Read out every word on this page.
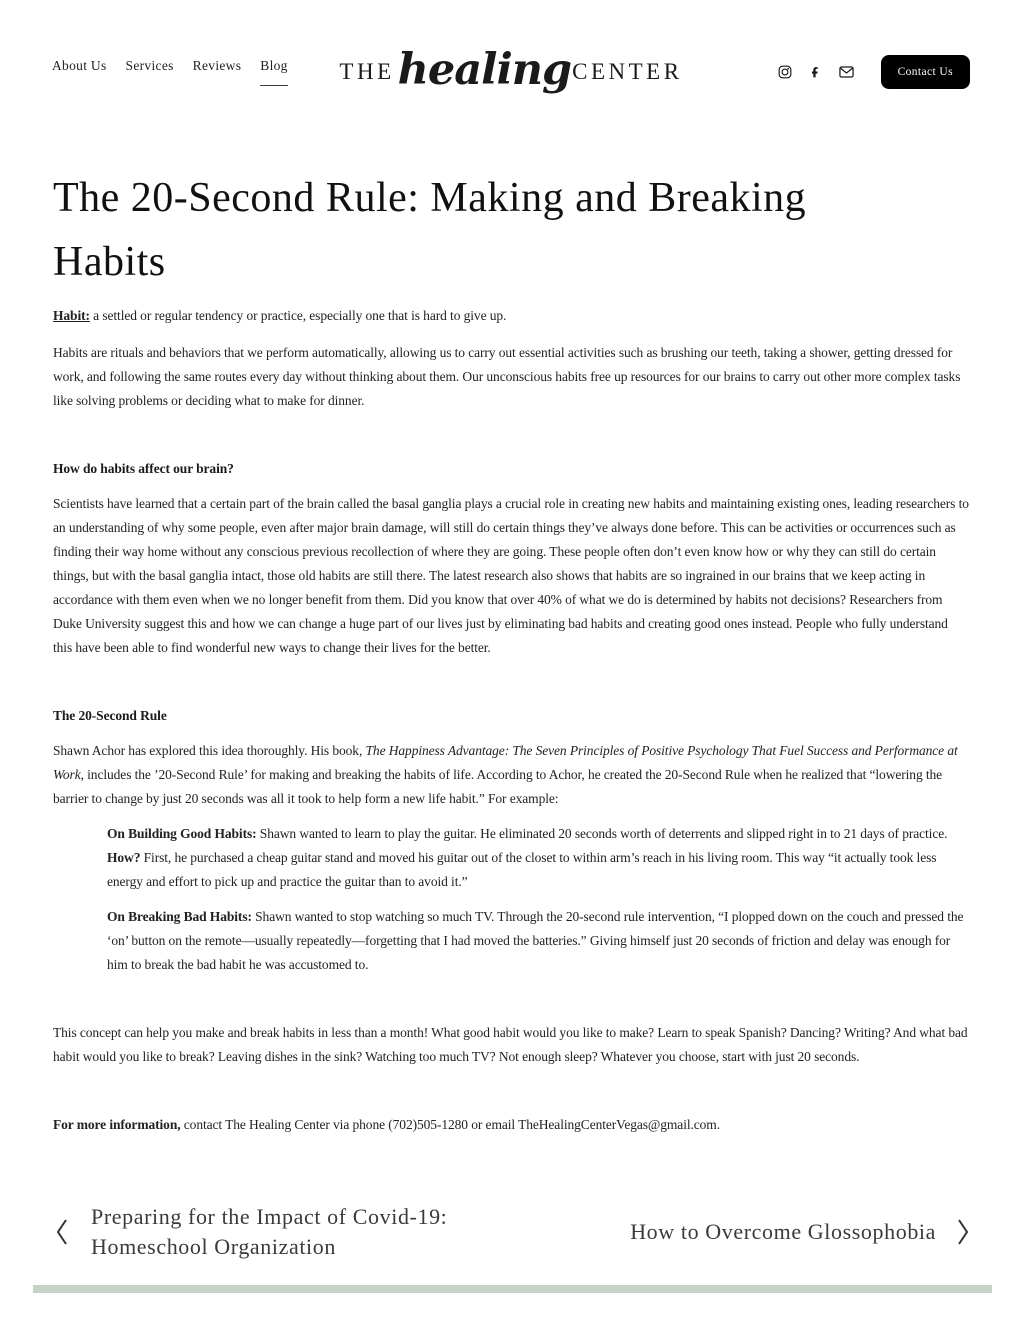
About Us Services Reviews Blog THE healing CENTER	Contact Us
The 20-Second Rule: Making and Breaking Habits

Habit: a settled or regular tendency or practice, especially one that is hard to give up.

Habits are rituals and behaviors that we perform automatically, allowing us to carry out essential activities such as brushing our teeth, taking a shower, getting dressed for work, and following the same routes every day without thinking about them. Our unconscious habits free up resources for our brains to carry out other more complex tasks like solving problems or deciding what to make for dinner.

How do habits affect our brain?

Scientists have learned that a certain part of the brain called the basal ganglia plays a crucial role in creating new habits and maintaining existing ones, leading researchers to an understanding of why some people, even after major brain damage, will still do certain things they’ve always done before. This can be activities or occurrences such as finding their way home without any conscious previous recollection of where they are going. These people often don’t even know how or why they can still do certain things, but with the basal ganglia intact, those old habits are still there. The latest research also shows that habits are so ingrained in our brains that we keep acting in accordance with them even when we no longer benefit from them. Did you know that over 40% of what we do is determined by habits not decisions? Researchers from Duke University suggest this and how we can change a huge part of our lives just by eliminating bad habits and creating good ones instead. People who fully understand this have been able to find wonderful new ways to change their lives for the better.

The 20-Second Rule

Shawn Achor has explored this idea thoroughly. His book, The Happiness Advantage: The Seven Principles of Positive Psychology That Fuel Success and Performance at Work, includes the ’20-Second Rule’ for making and breaking the habits of life. According to Achor, he created the 20-Second Rule when he realized that “lowering the barrier to change by just 20 seconds was all it took to help form a new life habit.” For example:

On Building Good Habits: Shawn wanted to learn to play the guitar. He eliminated 20 seconds worth of deterrents and slipped right in to 21 days of practice. How? First, he purchased a cheap guitar stand and moved his guitar out of the closet to within arm’s reach in his living room. This way “it actually took less energy and effort to pick up and practice the guitar than to avoid it.”

On Breaking Bad Habits: Shawn wanted to stop watching so much TV. Through the 20-second rule intervention, “I plopped down on the couch and pressed the ‘on’ button on the remote—usually repeatedly—forgetting that I had moved the batteries.” Giving himself just 20 seconds of friction and delay was enough for him to break the bad habit he was accustomed to.

This concept can help you make and break habits in less than a month! What good habit would you like to make? Learn to speak Spanish? Dancing? Writing? And what bad habit would you like to break? Leaving dishes in the sink? Watching too much TV? Not enough sleep? Whatever you choose, start with just 20 seconds.

For more information, contact The Healing Center via phone (702)505-1280 or email TheHealingCenterVegas@gmail.com.

Preparing for the Impact of Covid-19: Homeschool Organization
How to Overcome Glossophobia
